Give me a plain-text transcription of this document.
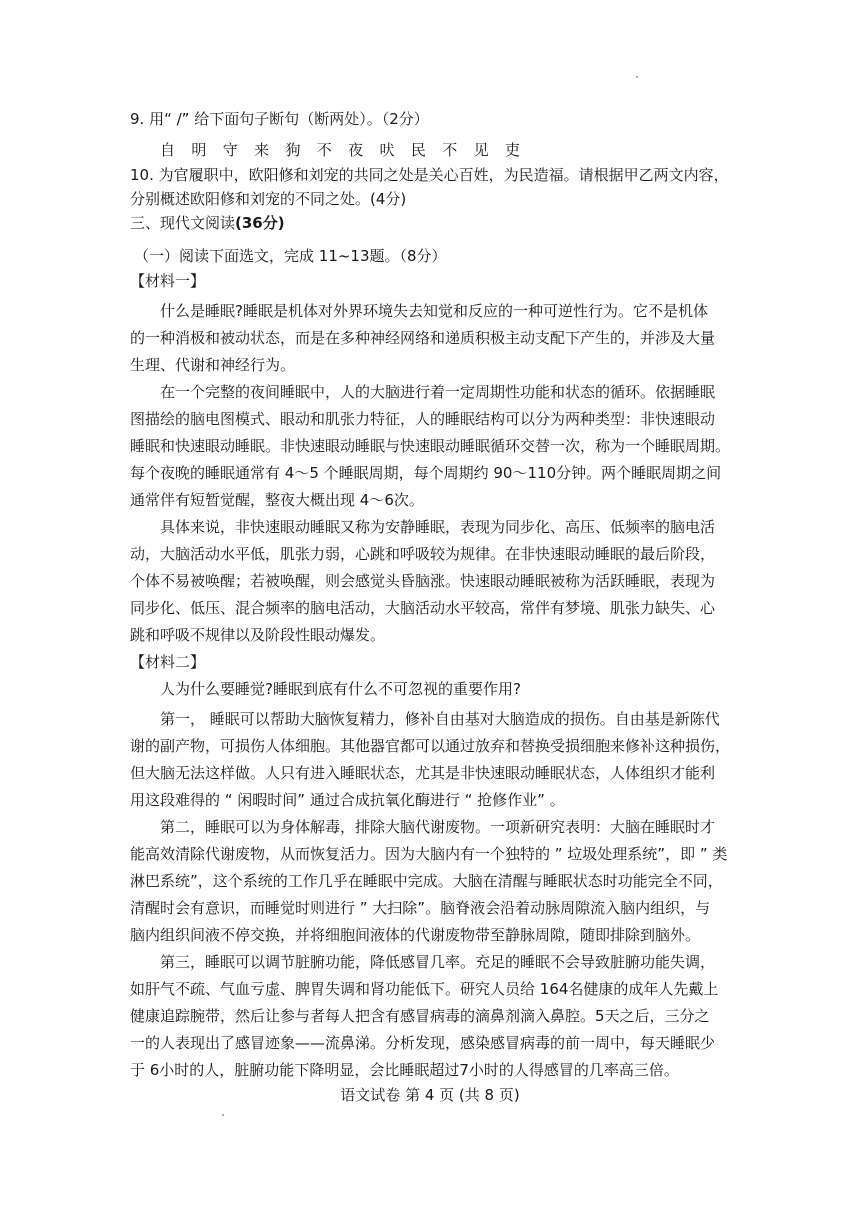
9. 用“ /” 给下面句子断句（断两处）。（2分）
自 明 守 来 狗 不 夜 吠 民 不 见 吏
10. 为官履职中，欧阳修和刘宠的共同之处是关心百姓，为民造福。请根据甲乙两文内容，
分别概述欧阳修和刘宠的不同之处。(4分)
三、现代文阅读(36分)
（一）阅读下面选文，完成 11~13题。（8分）
【材料一】
什么是睡眠?睡眠是机体对外界环境失去知觉和反应的一种可逆性行为。它不是机体
的一种消极和被动状态，而是在多种神经网络和递质积极主动支配下产生的，并涉及大量
生理、代谢和神经行为。
在一个完整的夜间睡眠中，人的大脑进行着一定周期性功能和状态的循环。依据睡眠
图描绘的脑电图模式、眼动和肌张力特征，人的睡眠结构可以分为两种类型：非快速眼动
睡眠和快速眼动睡眠。非快速眼动睡眠与快速眼动睡眠循环交替一次，称为一个睡眠周期。
每个夜晚的睡眠通常有 4～5 个睡眠周期，每个周期约 90～110分钟。两个睡眠周期之间
通常伴有短暂觉醒，整夜大概出现 4～6次。
具体来说，非快速眼动睡眠又称为安静睡眠，表现为同步化、高压、低频率的脑电活
动，大脑活动水平低，肌张力弱，心跳和呼吸较为规律。在非快速眼动睡眠的最后阶段，
个体不易被唤醒；若被唤醒，则会感觉头昏脑涨。快速眼动睡眠被称为活跃睡眠，表现为
同步化、低压、混合频率的脑电活动，大脑活动水平较高，常伴有梦境、肌张力缺失、心
跳和呼吸不规律以及阶段性眼动爆发。
【材料二】
人为什么要睡觉?睡眠到底有什么不可忽视的重要作用?
第一， 睡眠可以帮助大脑恢复精力，修补自由基对大脑造成的损伤。自由基是新陈代
谢的副产物，可损伤人体细胞。其他器官都可以通过放弃和替换受损细胞来修补这种损伤，
但大脑无法这样做。人只有进入睡眠状态，尤其是非快速眼动睡眠状态，人体组织才能利
用这段难得的 “ 闲暇时间” 通过合成抗氧化酶进行 “ 抢修作业” 。
第二，睡眠可以为身体解毒，排除大脑代谢废物。一项新研究表明：大脑在睡眠时才
能高效清除代谢废物，从而恢复活力。因为大脑内有一个独特的 ” 垃圾处理系统”，即 ” 类
淋巴系统”，这个系统的工作几乎在睡眠中完成。大脑在清醒与睡眠状态时功能完全不同，
清醒时会有意识，而睡觉时则进行 ” 大扫除”。脑脊液会沿着动脉周隙流入脑内组织，与
脑内组织间液不停交换，并将细胞间液体的代谢废物带至静脉周隙，随即排除到脑外。
第三，睡眠可以调节脏腑功能，降低感冒几率。充足的睡眠不会导致脏腑功能失调，
如肝气不疏、气血亏虚、脾胃失调和肾功能低下。研究人员给 164名健康的成年人先戴上
健康追踪腕带，然后让参与者每人把含有感冒病毒的滴鼻剂滴入鼻腔。5天之后，三分之
一的人表现出了感冒迹象——流鼻涕。分析发现，感染感冒病毒的前一周中，每天睡眠少
于 6小时的人，脏腑功能下降明显，会比睡眠超过7小时的人得感冒的几率高三倍。
语文试卷 第 4 页 (共 8 页)
